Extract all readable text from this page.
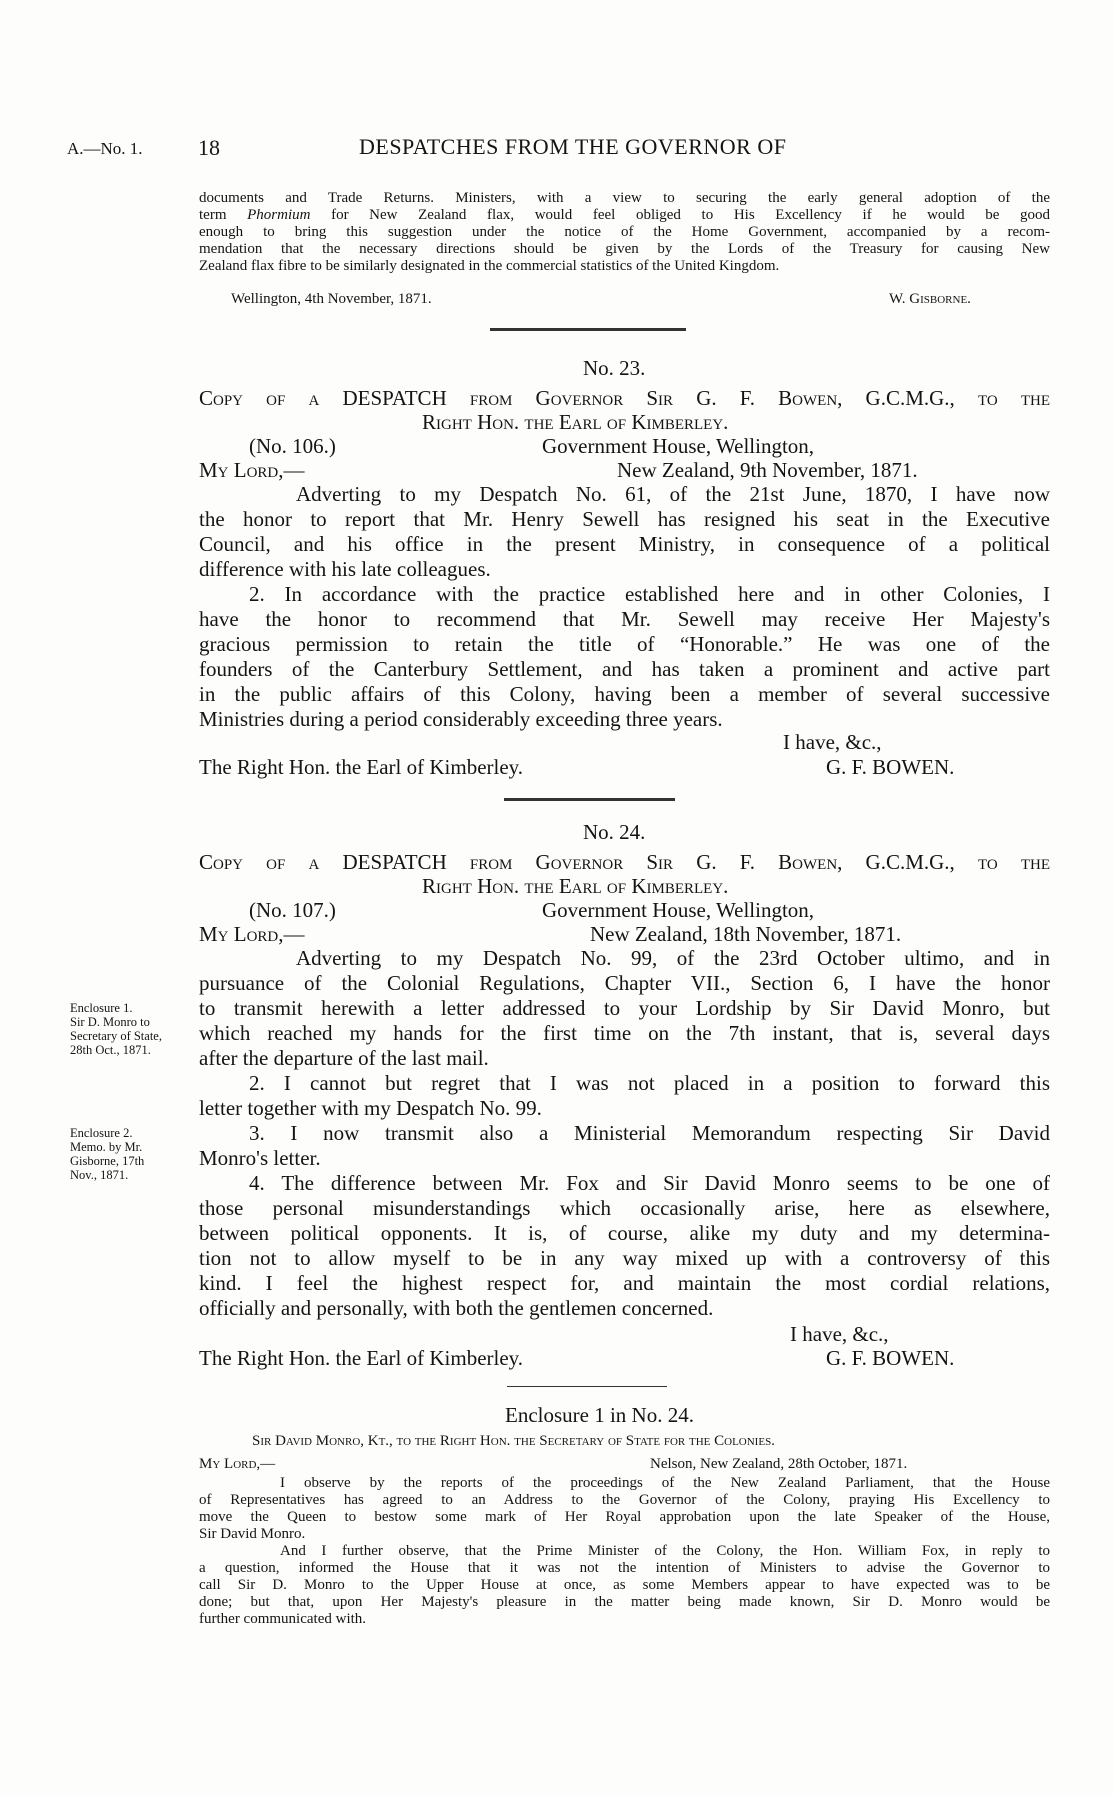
A.—No. 1.	18	DESPATCHES FROM THE GOVERNOR OF
documents and Trade Returns. Ministers, with a view to securing the early general adoption of the
term Phormium for New Zealand flax, would feel obliged to His Excellency if he would be good
enough to bring this suggestion under the notice of the Home Government, accompanied by a recom-
mendation that the necessary directions should be given by the Lords of the Treasury for causing New
Zealand flax fibre to be similarly designated in the commercial statistics of the United Kingdom.
Wellington, 4th November, 1871.	W. Gisborne.
No. 23.
Copy of a DESPATCH from Governor Sir G. F. Bowen, G.C.M.G., to the
Right Hon. the Earl of Kimberley.
(No. 106.)	Government House, Wellington,
My Lord,—	New Zealand, 9th November, 1871.
Adverting to my Despatch No. 61, of the 21st June, 1870, I have now
the honor to report that Mr. Henry Sewell has resigned his seat in the Executive
Council, and his office in the present Ministry, in consequence of a political
difference with his late colleagues.
2. In accordance with the practice established here and in other Colonies, I
have the honor to recommend that Mr. Sewell may receive Her Majesty's
gracious permission to retain the title of “Honorable.” He was one of the
founders of the Canterbury Settlement, and has taken a prominent and active part
in the public affairs of this Colony, having been a member of several successive
Ministries during a period considerably exceeding three years.
I have, &c.,
The Right Hon. the Earl of Kimberley.	G. F. BOWEN.
No. 24.
Copy of a DESPATCH from Governor Sir G. F. Bowen, G.C.M.G., to the
Right Hon. the Earl of Kimberley.
(No. 107.)	Government House, Wellington,
My Lord,—	New Zealand, 18th November, 1871.
Adverting to my Despatch No. 99, of the 23rd October ultimo, and in
pursuance of the Colonial Regulations, Chapter VII., Section 6, I have the honor
to transmit herewith a letter addressed to your Lordship by Sir David Monro, but
which reached my hands for the first time on the 7th instant, that is, several days
after the departure of the last mail.
2. I cannot but regret that I was not placed in a position to forward this
letter together with my Despatch No. 99.
3. I now transmit also a Ministerial Memorandum respecting Sir David
Monro's letter.
4. The difference between Mr. Fox and Sir David Monro seems to be one of
those personal misunderstandings which occasionally arise, here as elsewhere,
between political opponents. It is, of course, alike my duty and my determina-
tion not to allow myself to be in any way mixed up with a controversy of this
kind. I feel the highest respect for, and maintain the most cordial relations,
officially and personally, with both the gentlemen concerned.
I have, &c.,
The Right Hon. the Earl of Kimberley.	G. F. BOWEN.
Enclosure 1.
Sir D. Monro to
Secretary of State,
28th Oct., 1871.
Enclosure 2.
Memo. by Mr.
Gisborne, 17th
Nov., 1871.
Enclosure 1 in No. 24.
Sir David Monro, Kt., to the Right Hon. the Secretary of State for the Colonies.
My Lord,—	Nelson, New Zealand, 28th October, 1871.
I observe by the reports of the proceedings of the New Zealand Parliament, that the House
of Representatives has agreed to an Address to the Governor of the Colony, praying His Excellency to
move the Queen to bestow some mark of Her Royal approbation upon the late Speaker of the House,
Sir David Monro.
And I further observe, that the Prime Minister of the Colony, the Hon. William Fox, in reply to
a question, informed the House that it was not the intention of Ministers to advise the Governor to
call Sir D. Monro to the Upper House at once, as some Members appear to have expected was to be
done; but that, upon Her Majesty's pleasure in the matter being made known, Sir D. Monro would be
further communicated with.
